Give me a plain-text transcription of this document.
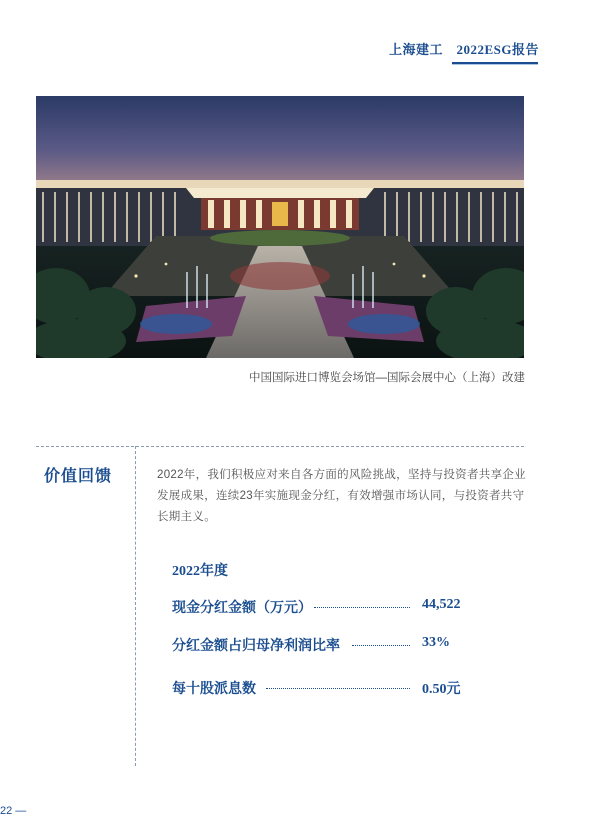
上海建工　2022ESG报告
中国国际进口博览会场馆—国际会展中心（上海）改建
价值回馈	2022年，我们积极应对来自各方面的风险挑战，坚持与投资者共享企业发展成果，连续23年实施现金分红，有效增强市场认同，与投资者共守长期主义。
2022年度
现金分红金额（万元）	44,522
分红金额占归母净利润比率	33%
每十股派息数	0.50元
22 —
